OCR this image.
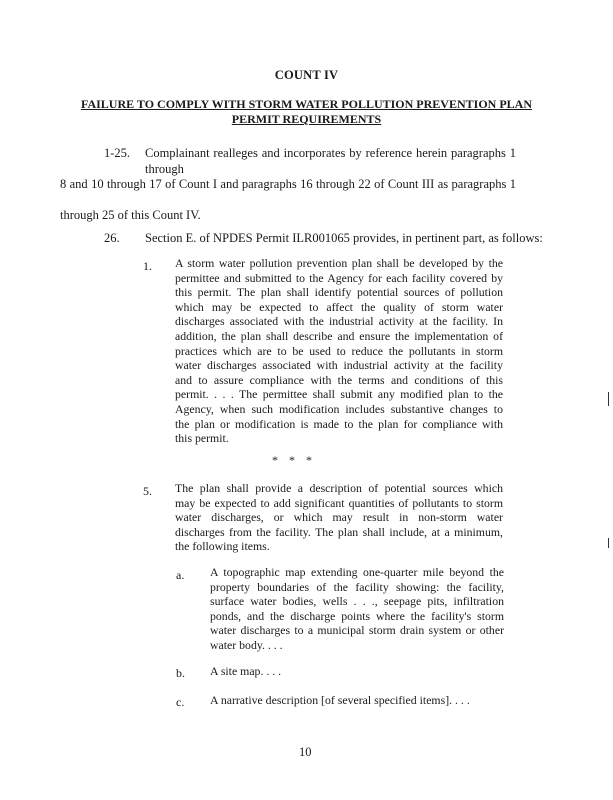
COUNT IV
FAILURE TO COMPLY WITH STORM WATER POLLUTION PREVENTION PLAN
PERMIT REQUIREMENTS
1-25. Complainant realleges and incorporates by reference herein paragraphs 1 through
8 and 10 through 17 of Count I and paragraphs 16 through 22 of Count III as paragraphs 1
through 25 of this Count IV.
26. Section E. of NPDES Permit ILR001065 provides, in pertinent part, as follows:
1. A storm water pollution prevention plan shall be developed by the
permittee and submitted to the Agency for each facility covered by
this permit. The plan shall identify potential sources of pollution
which may be expected to affect the quality of storm water
discharges associated with the industrial activity at the facility. In
addition, the plan shall describe and ensure the implementation of
practices which are to be used to reduce the pollutants in storm
water discharges associated with industrial activity at the facility
and to assure compliance with the terms and conditions of this
permit. . . . The permittee shall submit any modified plan to the
Agency, when such modification includes substantive changes to
the plan or modification is made to the plan for compliance with
this permit.
* * *
5. The plan shall provide a description of potential sources which
may be expected to add significant quantities of pollutants to storm
water discharges, or which may result in non-storm water
discharges from the facility. The plan shall include, at a minimum,
the following items.
a. A topographic map extending one-quarter mile beyond the
property boundaries of the facility showing: the facility,
surface water bodies, wells . . ., seepage pits, infiltration
ponds, and the discharge points where the facility's storm
water discharges to a municipal storm drain system or other
water body. . . .
b. A site map. . . .
c. A narrative description [of several specified items]. . . .
10
